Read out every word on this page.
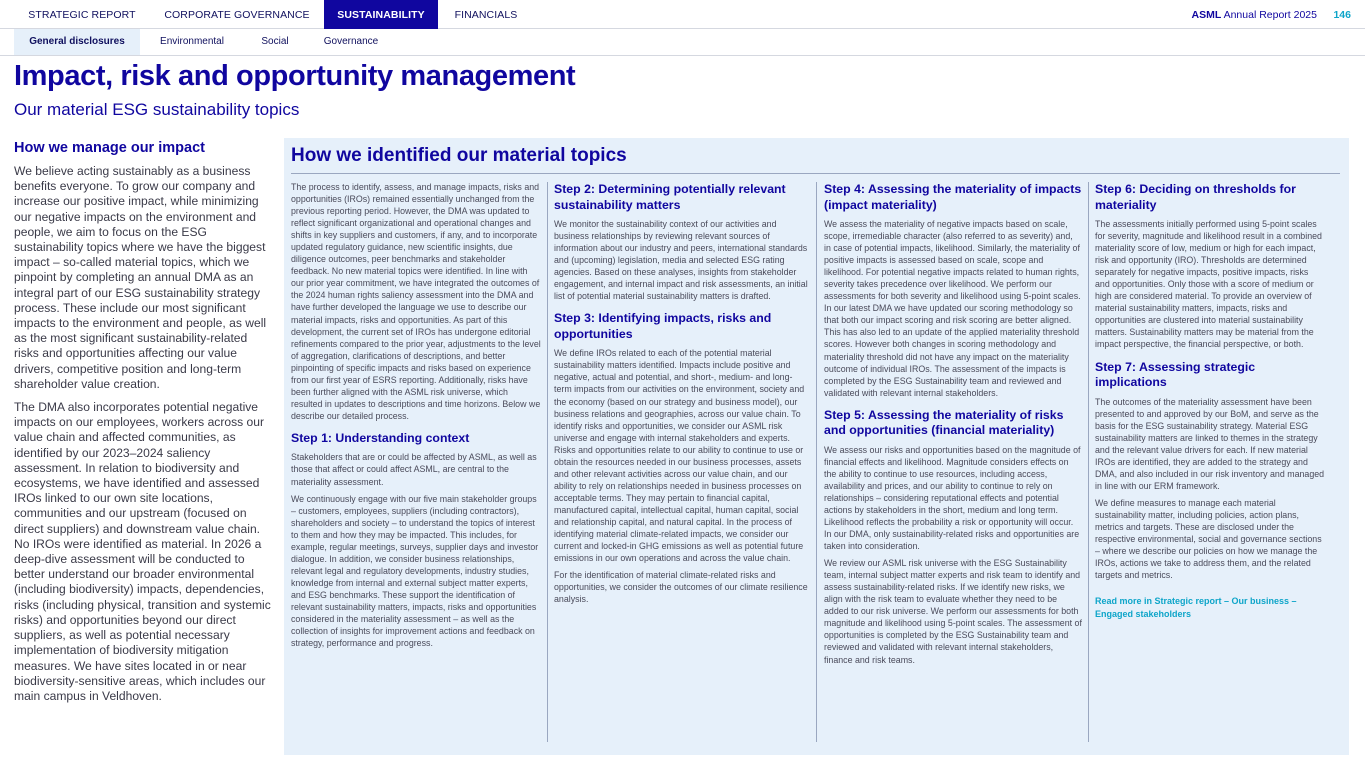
STRATEGIC REPORT	CORPORATE GOVERNANCE	SUSTAINABILITY	FINANCIALS	ASML Annual Report 2025 146
General disclosures	Environmental	Social	Governance
Impact, risk and opportunity management
Our material ESG sustainability topics
How we manage our impact

We believe acting sustainably as a business benefits everyone. To grow our company and increase our positive impact, while minimizing our negative impacts on the environment and people, we aim to focus on the ESG sustainability topics where we have the biggest impact – so-called material topics, which we pinpoint by completing an annual DMA as an integral part of our ESG sustainability strategy process. These include our most significant impacts to the environment and people, as well as the most significant sustainability-related risks and opportunities affecting our value drivers, competitive position and long-term shareholder value creation.

The DMA also incorporates potential negative impacts on our employees, workers across our value chain and affected communities, as identified by our 2023–2024 saliency assessment. In relation to biodiversity and ecosystems, we have identified and assessed IROs linked to our own site locations, communities and our upstream (focused on direct suppliers) and downstream value chain. No IROs were identified as material. In 2026 a deep-dive assessment will be conducted to better understand our broader environmental (including biodiversity) impacts, dependencies, risks (including physical, transition and systemic risks) and opportunities beyond our direct suppliers, as well as potential necessary implementation of biodiversity mitigation measures. We have sites located in or near biodiversity-sensitive areas, which includes our main campus in Veldhoven.

How we identified our material topics

The process to identify, assess, and manage impacts, risks and opportunities (IROs) remained essentially unchanged from the previous reporting period. However, the DMA was updated to reflect significant organizational and operational changes and shifts in key suppliers and customers, if any, and to incorporate updated regulatory guidance, new scientific insights, due diligence outcomes, peer benchmarks and stakeholder feedback. No new material topics were identified. In line with our prior year commitment, we have integrated the outcomes of the 2024 human rights saliency assessment into the DMA and have further developed the language we use to describe our material impacts, risks and opportunities. As part of this development, the current set of IROs has undergone editorial refinements compared to the prior year, adjustments to the level of aggregation, clarifications of descriptions, and better pinpointing of specific impacts and risks based on experience from our first year of ESRS reporting. Additionally, risks have been further aligned with the ASML risk universe, which resulted in updates to descriptions and time horizons. Below we describe our detailed process.

Step 1: Understanding context

Stakeholders that are or could be affected by ASML, as well as those that affect or could affect ASML, are central to the materiality assessment.

We continuously engage with our five main stakeholder groups – customers, employees, suppliers (including contractors), shareholders and society – to understand the topics of interest to them and how they may be impacted. This includes, for example, regular meetings, surveys, supplier days and investor dialogue. In addition, we consider business relationships, relevant legal and regulatory developments, industry studies, knowledge from internal and external subject matter experts, and ESG benchmarks. These support the identification of relevant sustainability matters, impacts, risks and opportunities considered in the materiality assessment – as well as the collection of insights for improvement actions and feedback on strategy, performance and progress.

Step 2: Determining potentially relevant sustainability matters

We monitor the sustainability context of our activities and business relationships by reviewing relevant sources of information about our industry and peers, international standards and (upcoming) legislation, media and selected ESG rating agencies. Based on these analyses, insights from stakeholder engagement, and internal impact and risk assessments, an initial list of potential material sustainability matters is drafted.

Step 3: Identifying impacts, risks and opportunities

We define IROs related to each of the potential material sustainability matters identified. Impacts include positive and negative, actual and potential, and short-, medium- and long-term impacts from our activities on the environment, society and the economy (based on our strategy and business model), our business relations and geographies, across our value chain. To identify risks and opportunities, we consider our ASML risk universe and engage with internal stakeholders and experts. Risks and opportunities relate to our ability to continue to use or obtain the resources needed in our business processes, assets and other relevant activities across our value chain, and our ability to rely on relationships needed in business processes on acceptable terms. They may pertain to financial capital, manufactured capital, intellectual capital, human capital, social and relationship capital, and natural capital. In the process of identifying material climate-related impacts, we consider our current and locked-in GHG emissions as well as potential future emissions in our own operations and across the value chain.

For the identification of material climate-related risks and opportunities, we consider the outcomes of our climate resilience analysis.

Step 4: Assessing the materiality of impacts (impact materiality)

We assess the materiality of negative impacts based on scale, scope, irremediable character (also referred to as severity) and, in case of potential impacts, likelihood. Similarly, the materiality of positive impacts is assessed based on scale, scope and likelihood. For potential negative impacts related to human rights, severity takes precedence over likelihood. We perform our assessments for both severity and likelihood using 5-point scales. In our latest DMA we have updated our scoring methodology so that both our impact scoring and risk scoring are better aligned. This has also led to an update of the applied materiality threshold scores. However both changes in scoring methodology and materiality threshold did not have any impact on the materiality outcome of individual IROs. The assessment of the impacts is completed by the ESG Sustainability team and reviewed and validated with relevant internal stakeholders.

Step 5: Assessing the materiality of risks and opportunities (financial materiality)

We assess our risks and opportunities based on the magnitude of financial effects and likelihood. Magnitude considers effects on the ability to continue to use resources, including access, availability and prices, and our ability to continue to rely on relationships – considering reputational effects and potential actions by stakeholders in the short, medium and long term. Likelihood reflects the probability a risk or opportunity will occur. In our DMA, only sustainability-related risks and opportunities are taken into consideration.

We review our ASML risk universe with the ESG Sustainability team, internal subject matter experts and risk team to identify and assess sustainability-related risks. If we identify new risks, we align with the risk team to evaluate whether they need to be added to our risk universe. We perform our assessments for both magnitude and likelihood using 5-point scales. The assessment of opportunities is completed by the ESG Sustainability team and reviewed and validated with relevant internal stakeholders, finance and risk teams.

Step 6: Deciding on thresholds for materiality

The assessments initially performed using 5-point scales for severity, magnitude and likelihood result in a combined materiality score of low, medium or high for each impact, risk and opportunity (IRO). Thresholds are determined separately for negative impacts, positive impacts, risks and opportunities. Only those with a score of medium or high are considered material. To provide an overview of material sustainability matters, impacts, risks and opportunities are clustered into material sustainability matters. Sustainability matters may be material from the impact perspective, the financial perspective, or both.

Step 7: Assessing strategic implications

The outcomes of the materiality assessment have been presented to and approved by our BoM, and serve as the basis for the ESG sustainability strategy. Material ESG sustainability matters are linked to themes in the strategy and the relevant value drivers for each. If new material IROs are identified, they are added to the strategy and DMA, and also included in our risk inventory and managed in line with our ERM framework.

We define measures to manage each material sustainability matter, including policies, action plans, metrics and targets. These are disclosed under the respective environmental, social and governance sections – where we describe our policies on how we manage the IROs, actions we take to address them, and the related targets and metrics.

Read more in Strategic report – Our business – Engaged stakeholders
